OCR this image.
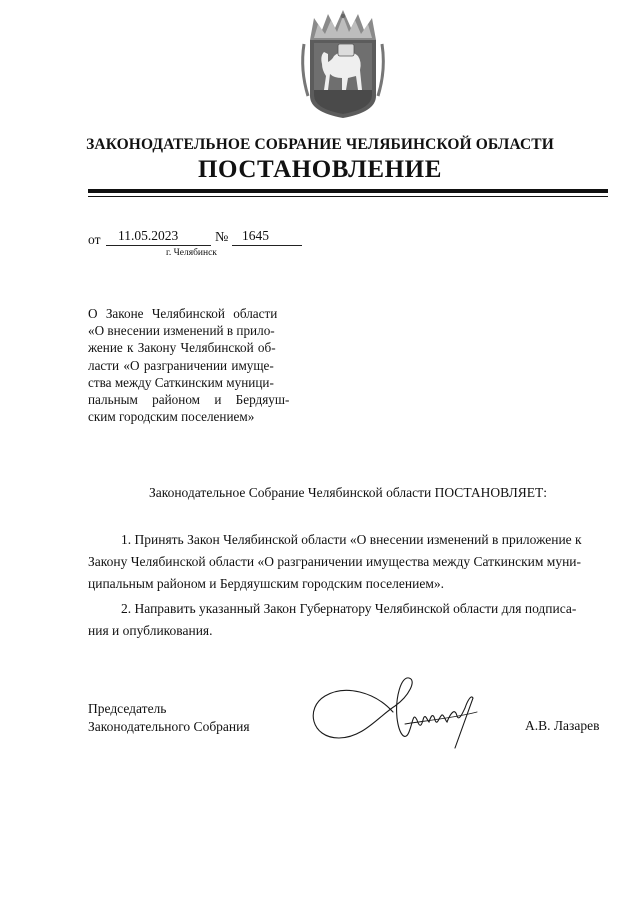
ЗАКОНОДАТЕЛЬНОЕ СОБРАНИЕ ЧЕЛЯБИНСКОЙ ОБЛАСТИ
ПОСТАНОВЛЕНИЕ
от 11.05.2023	№ 1645
г. Челябинск
О Законе Челябинской области
«О внесении изменений в прило-
жение к Закону Челябинской об-
ласти «О разграничении имуще-
ства между Саткинским муници-
пальным районом и Бердяуш-
ским городским поселением»
Законодательное Собрание Челябинской области ПОСТАНОВЛЯЕТ:
1. Принять Закон Челябинской области «О внесении изменений в приложение к
Закону Челябинской области «О разграничении имущества между Саткинским муни-
ципальным районом и Бердяушским городским поселением».
2. Направить указанный Закон Губернатору Челябинской области для подписа-
ния и опубликования.
Председатель
Законодательного Собрания	А.В. Лазарев
